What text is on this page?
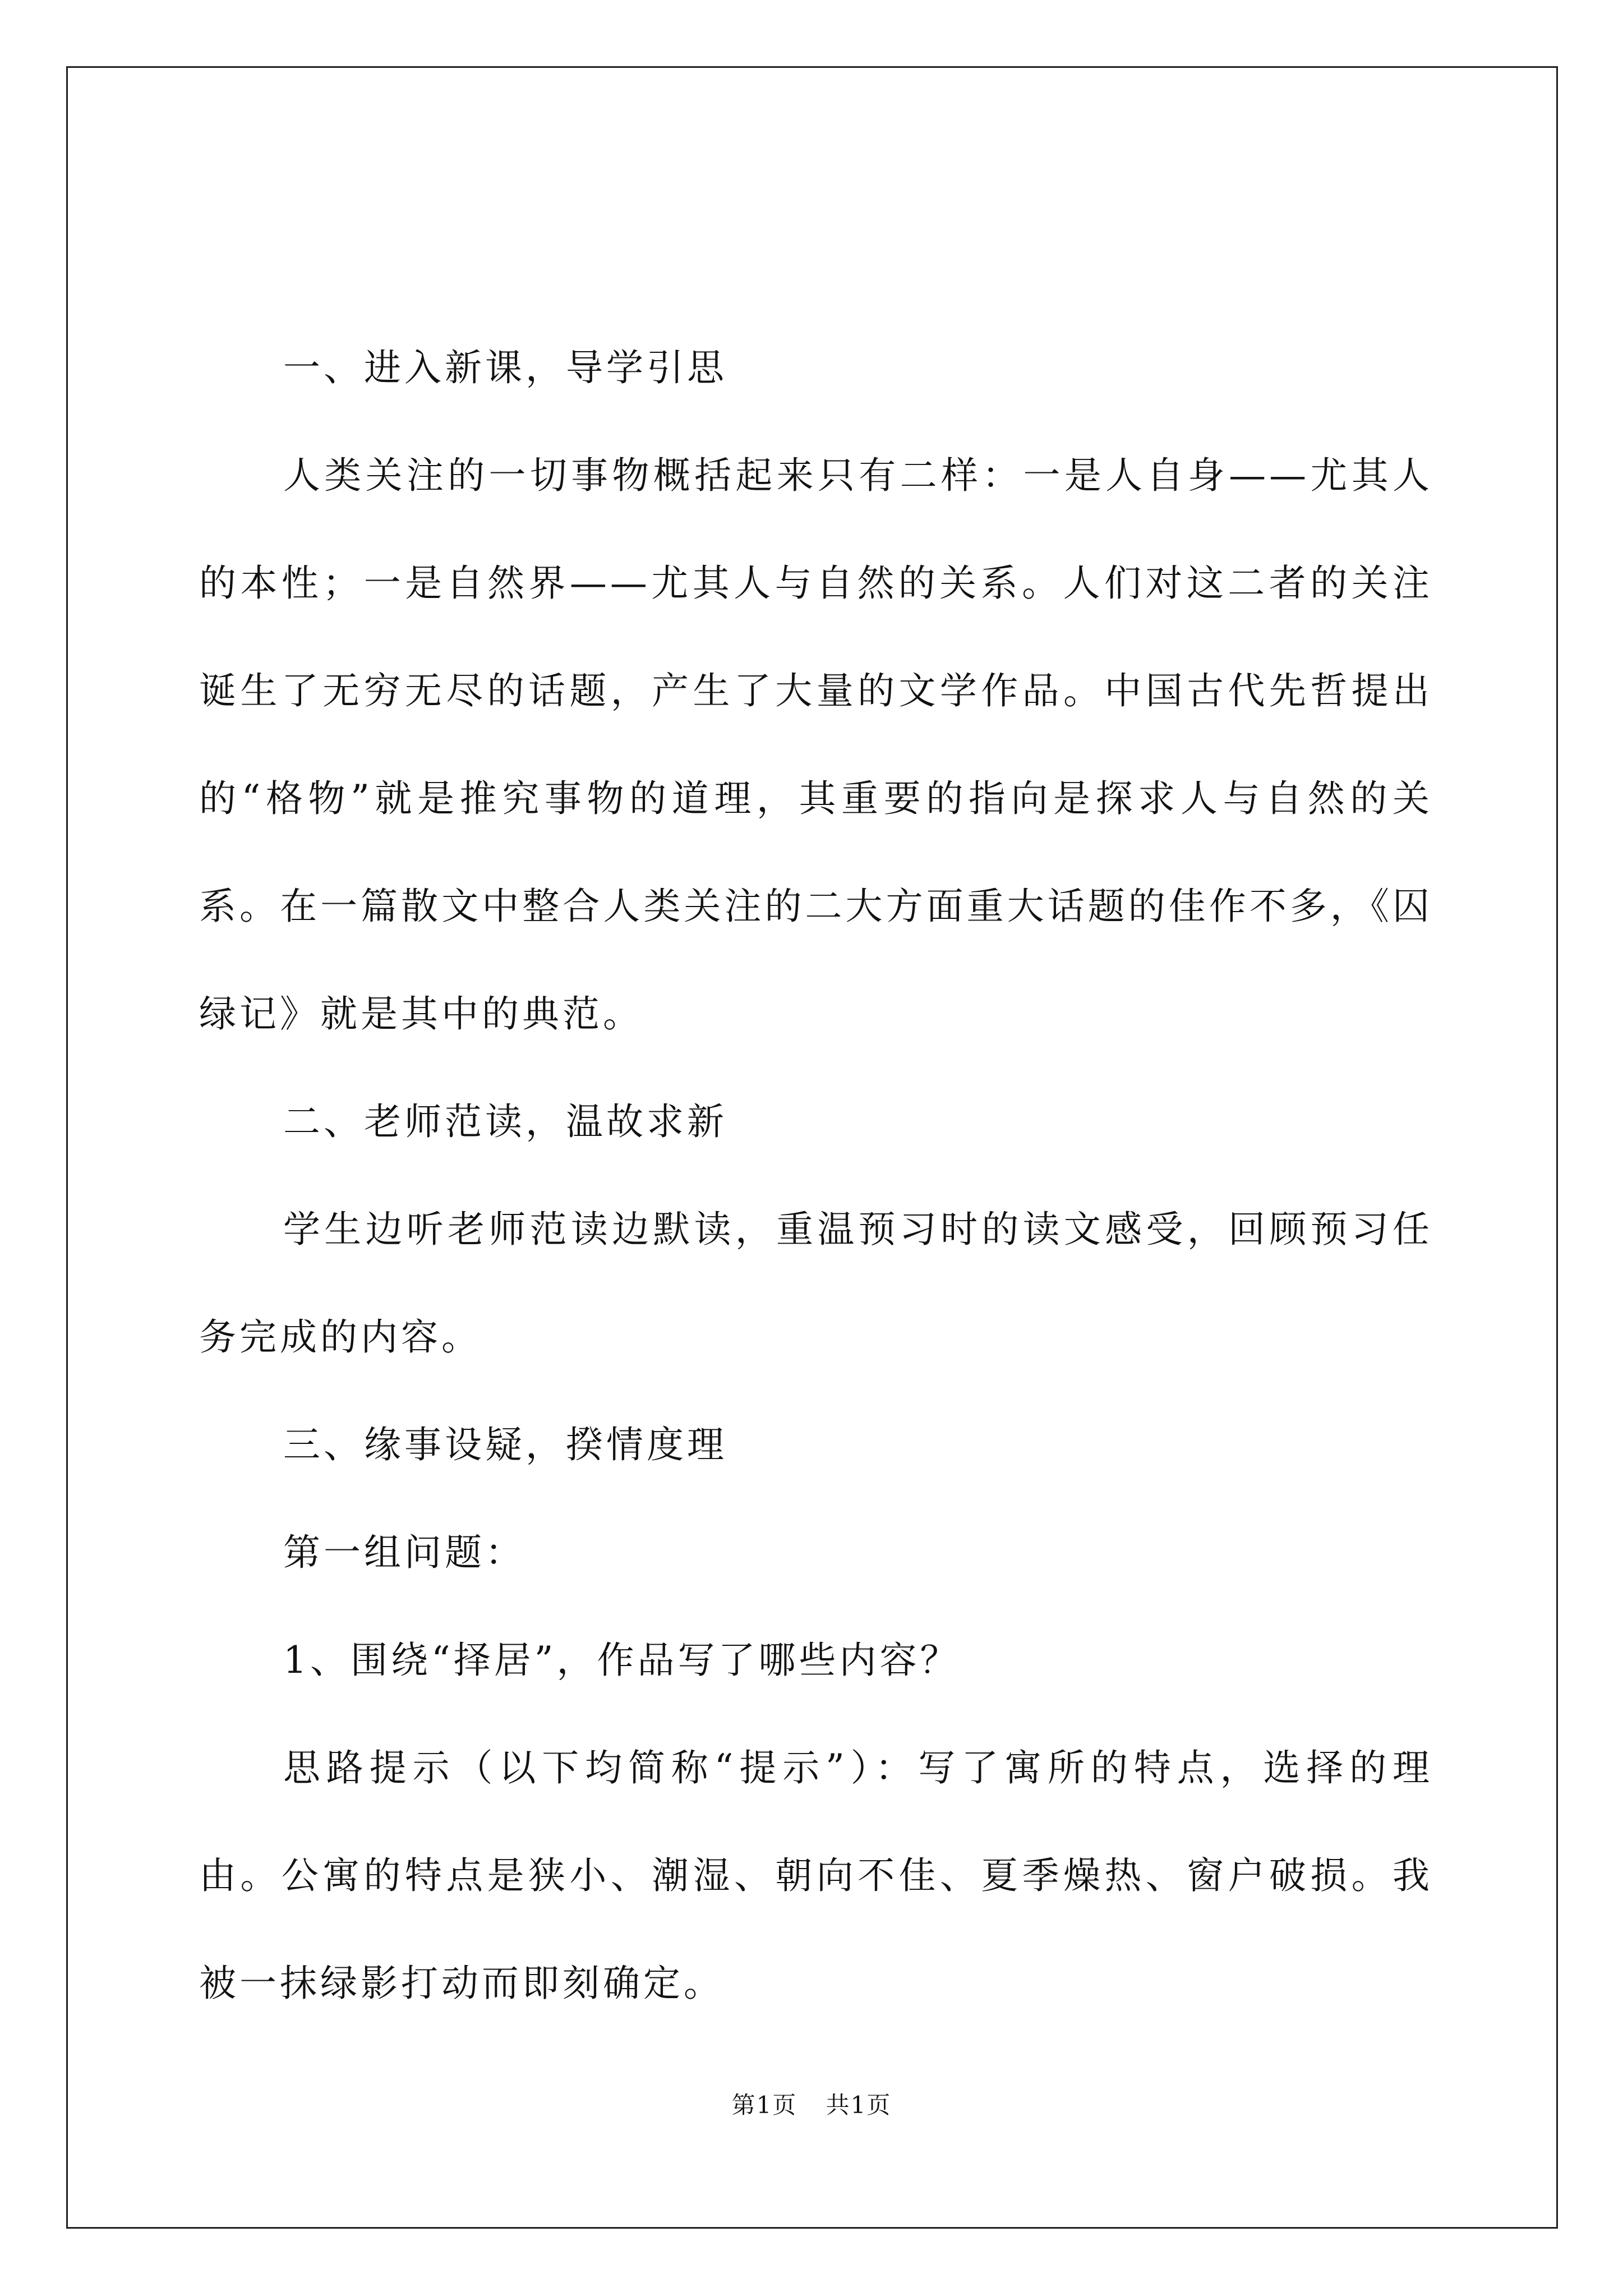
一、进入新课，导学引思

人类关注的一切事物概括起来只有二样：一是人自身——尤其人的本性；一是自然界——尤其人与自然的关系。人们对这二者的关注诞生了无穷无尽的话题，产生了大量的文学作品。中国古代先哲提出的“格物”就是推究事物的道理，其重要的指向是探求人与自然的关系。在一篇散文中整合人类关注的二大方面重大话题的佳作不多，《囚绿记》就是其中的典范。

二、老师范读，温故求新

学生边听老师范读边默读，重温预习时的读文感受，回顾预习任务完成的内容。

三、缘事设疑，揆情度理

第一组问题：

1、围绕“择居”，作品写了哪些内容？

思路提示（以下均简称“提示”）：写了寓所的特点，选择的理由。公寓的特点是狭小、潮湿、朝向不佳、夏季燥热、窗户破损。我被一抹绿影打动而即刻确定。

第1页 共1页
